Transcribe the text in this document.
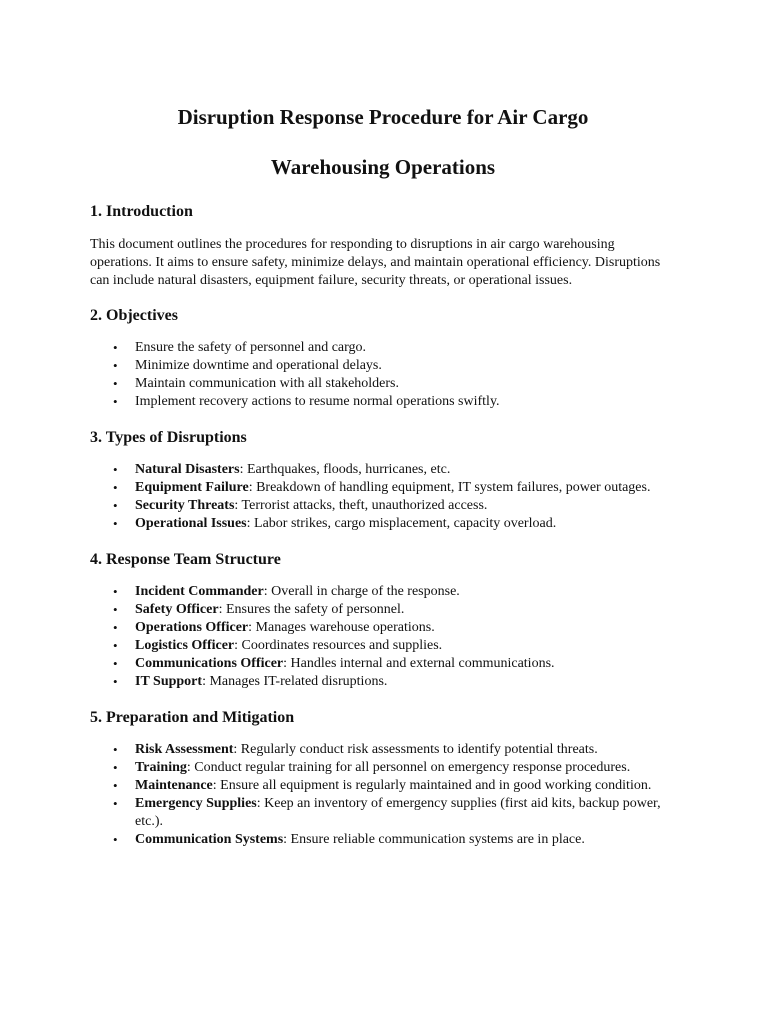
Disruption Response Procedure for Air Cargo
Warehousing Operations
1. Introduction

This document outlines the procedures for responding to disruptions in air cargo warehousing operations. It aims to ensure safety, minimize delays, and maintain operational efficiency. Disruptions can include natural disasters, equipment failure, security threats, or operational issues.

2. Objectives
• Ensure the safety of personnel and cargo.
• Minimize downtime and operational delays.
• Maintain communication with all stakeholders.
• Implement recovery actions to resume normal operations swiftly.
3. Types of Disruptions
• Natural Disasters: Earthquakes, floods, hurricanes, etc.
• Equipment Failure: Breakdown of handling equipment, IT system failures, power outages.
• Security Threats: Terrorist attacks, theft, unauthorized access.
• Operational Issues: Labor strikes, cargo misplacement, capacity overload.
4. Response Team Structure
• Incident Commander: Overall in charge of the response.
• Safety Officer: Ensures the safety of personnel.
• Operations Officer: Manages warehouse operations.
• Logistics Officer: Coordinates resources and supplies.
• Communications Officer: Handles internal and external communications.
• IT Support: Manages IT-related disruptions.
5. Preparation and Mitigation
• Risk Assessment: Regularly conduct risk assessments to identify potential threats.
• Training: Conduct regular training for all personnel on emergency response procedures.
• Maintenance: Ensure all equipment is regularly maintained and in good working condition.
• Emergency Supplies: Keep an inventory of emergency supplies (first aid kits, backup power, etc.).
• Communication Systems: Ensure reliable communication systems are in place.
